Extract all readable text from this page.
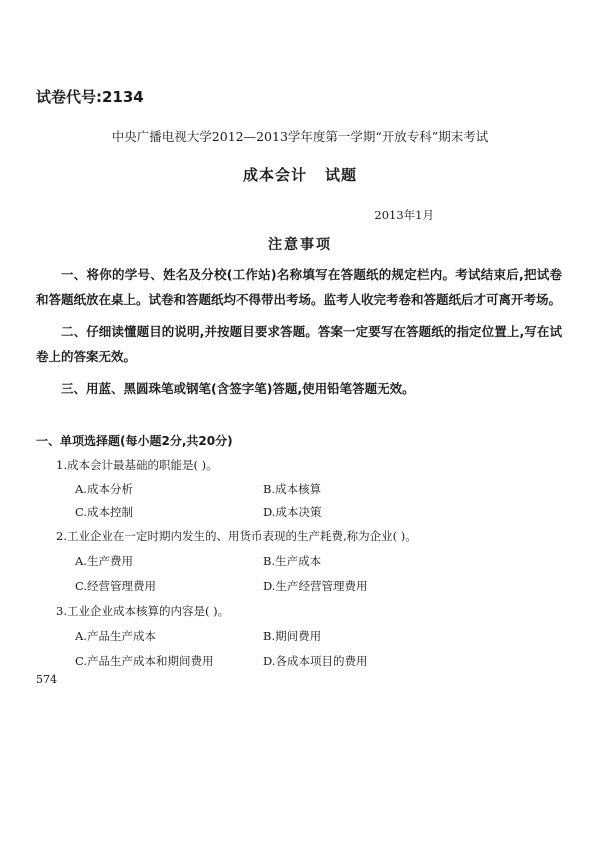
试卷代号:2134
中央广播电视大学2012—2013学年度第一学期“开放专科”期末考试
成本会计 试题
2013年1月
注意事项

一、将你的学号、姓名及分校(工作站)名称填写在答题纸的规定栏内。考试结束后,把试卷和答题纸放在桌上。试卷和答题纸均不得带出考场。监考人收完考卷和答题纸后才可离开考场。

二、仔细读懂题目的说明,并按题目要求答题。答案一定要写在答题纸的指定位置上,写在试卷上的答案无效。

三、用蓝、黑圆珠笔或钢笔(含签字笔)答题,使用铅笔答题无效。

一、单项选择题(每小题2分,共20分)
1.成本会计最基础的职能是( )。
A.成本分析	B.成本核算
C.成本控制	D.成本决策
2.工业企业在一定时期内发生的、用货币表现的生产耗费,称为企业( )。
A.生产费用	B.生产成本
C.经营管理费用	D.生产经营管理费用
3.工业企业成本核算的内容是( )。
A.产品生产成本	B.期间费用
C.产品生产成本和期间费用	D.各成本项目的费用
574
